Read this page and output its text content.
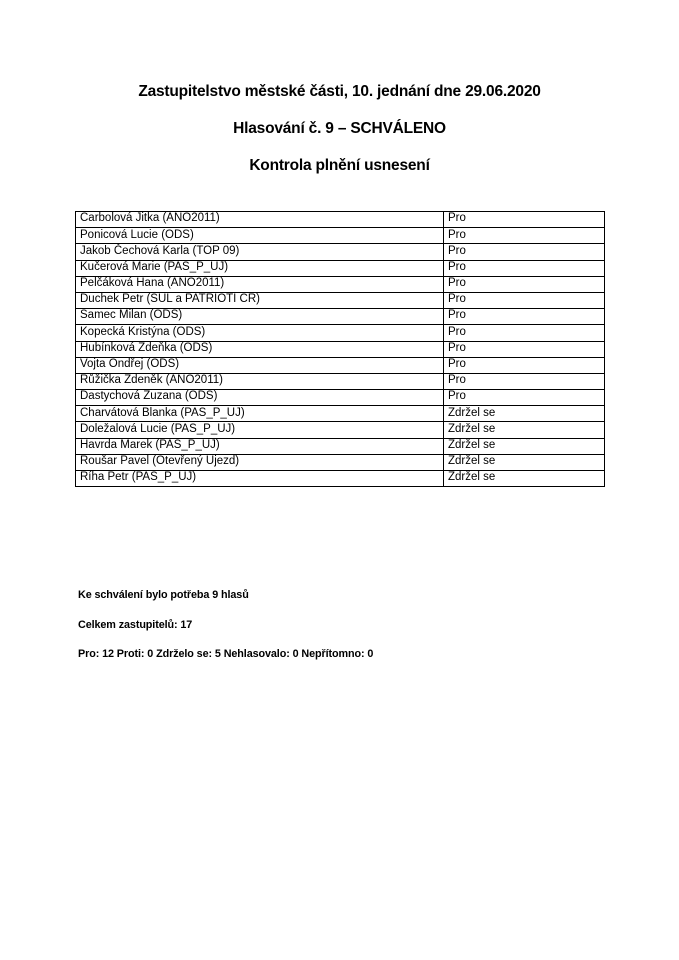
Zastupitelstvo městské části, 10. jednání dne 29.06.2020
Hlasování č. 9 – SCHVÁLENO
Kontrola plnění usnesení
Carbolová Jitka (ANO2011)	Pro
Ponicová Lucie (ODS)	Pro
Jakob Čechová Karla (TOP 09)	Pro
Kučerová Marie (PAS_P_UJ)	Pro
Pelčáková Hana (ANO2011)	Pro
Duchek Petr (SÚL a PATRIOTI ČR)	Pro
Samec Milan (ODS)	Pro
Kopecká Kristýna (ODS)	Pro
Hubínková Zdeňka (ODS)	Pro
Vojta Ondřej (ODS)	Pro
Růžička Zdeněk (ANO2011)	Pro
Dastychová Zuzana (ODS)	Pro
Charvátová Blanka (PAS_P_UJ)	Zdržel se
Doležalová Lucie (PAS_P_UJ)	Zdržel se
Havrda Marek (PAS_P_UJ)	Zdržel se
Roušar Pavel (Otevřený Újezd)	Zdržel se
Říha Petr (PAS_P_UJ)	Zdržel se
Ke schválení bylo potřeba 9 hlasů
Celkem zastupitelů: 17
Pro: 12 Proti: 0 Zdrželo se: 5 Nehlasovalo: 0 Nepřítomno: 0
